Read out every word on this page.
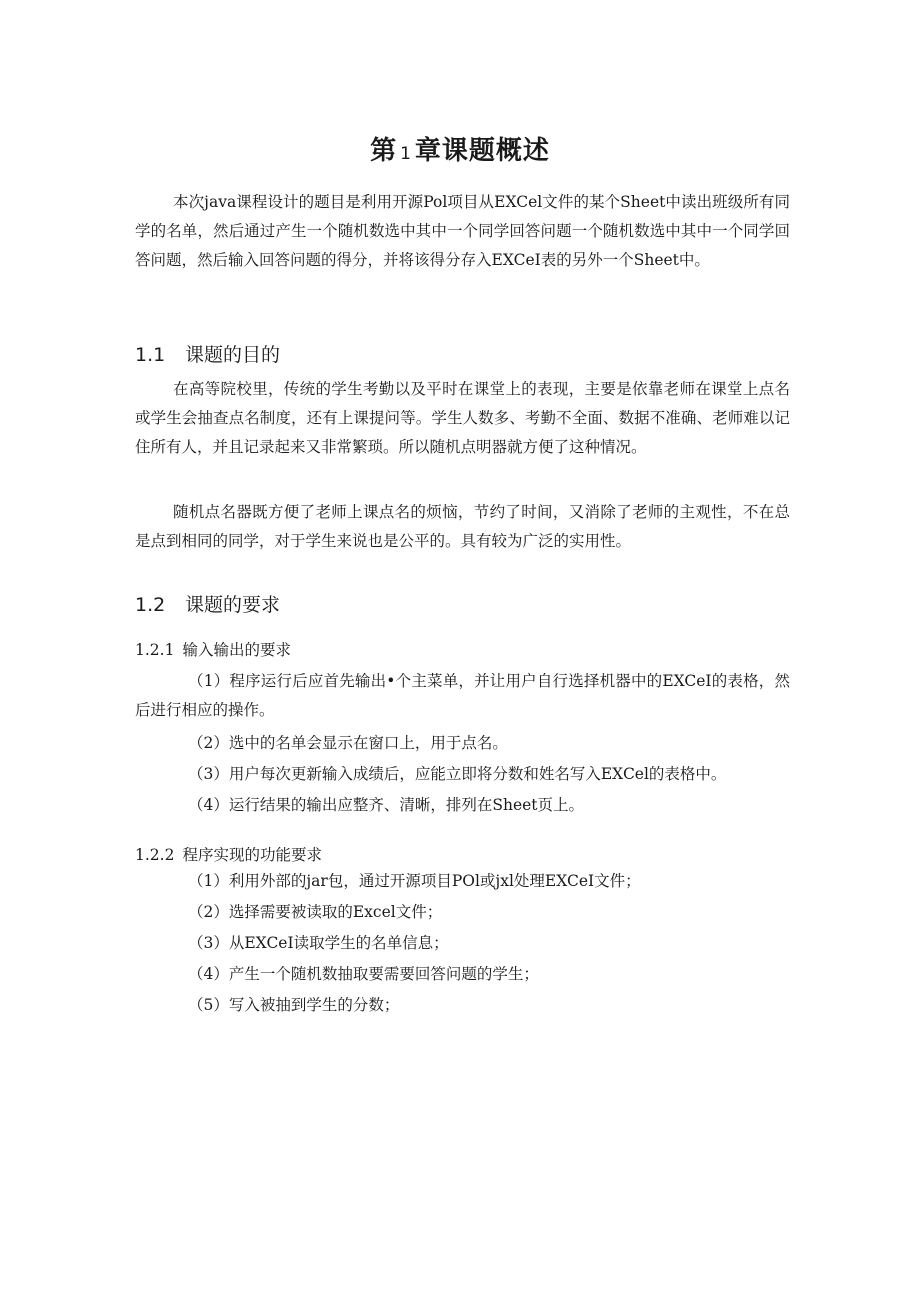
第 1 章课题概述

本次java课程设计的题目是利用开源Pol项目从EXCel文件的某个Sheet中读出班级所有同学的名单，然后通过产生一个随机数选中其中一个同学回答问题一个随机数选中其中一个同学回答问题，然后输入回答问题的得分，并将该得分存入EXCeI表的另外一个Sheet中。

1.1 课题的目的

在高等院校里，传统的学生考勤以及平时在课堂上的表现，主要是依靠老师在课堂上点名或学生会抽查点名制度，还有上课提问等。学生人数多、考勤不全面、数据不准确、老师难以记住所有人，并且记录起来又非常繁琐。所以随机点明器就方便了这种情况。

随机点名器既方便了老师上课点名的烦恼，节约了时间，又消除了老师的主观性，不在总是点到相同的同学，对于学生来说也是公平的。具有较为广泛的实用性。

1.2 课题的要求
1.2.1 输入输出的要求

（1）程序运行后应首先输出•个主菜单，并让用户自行选择机器中的EXCeI的表格，然后进行相应的操作。

（2）选中的名单会显示在窗口上，用于点名。

（3）用户每次更新输入成绩后，应能立即将分数和姓名写入EXCel的表格中。

（4）运行结果的输出应整齐、清晰，排列在Sheet页上。

1.2.2 程序实现的功能要求

（1）利用外部的jar包，通过开源项目POl或jxl处理EXCeI文件；

（2）选择需要被读取的Excel文件；

（3）从EXCeI读取学生的名单信息；

（4）产生一个随机数抽取要需要回答问题的学生；

（5）写入被抽到学生的分数；
